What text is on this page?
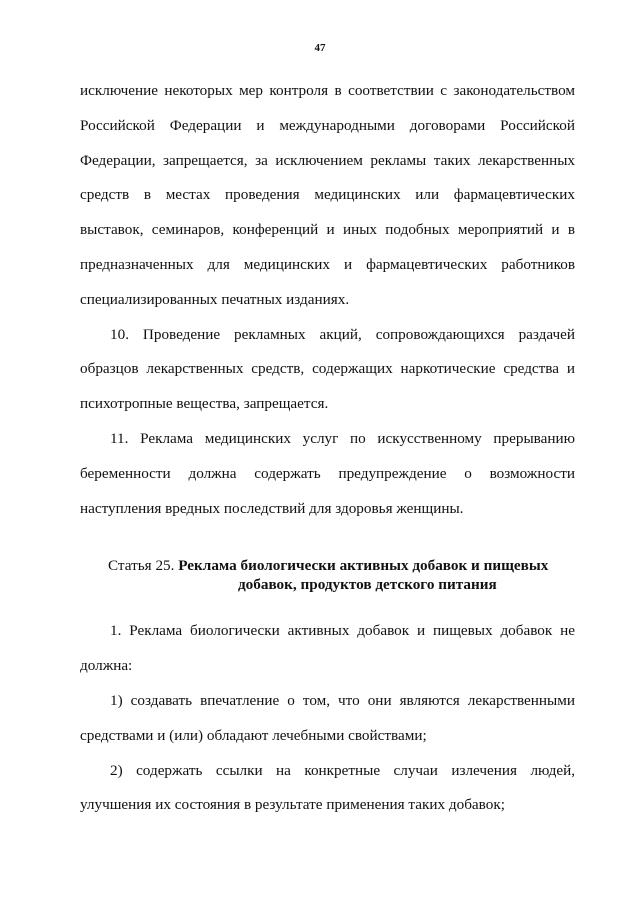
47

исключение некоторых мер контроля в соответствии с законодательством Российской Федерации и международными договорами Российской Федерации, запрещается, за исключением рекламы таких лекарственных средств в местах проведения медицинских или фармацевтических выставок, семинаров, конференций и иных подобных мероприятий и в предназначенных для медицинских и фармацевтических работников специализированных печатных изданиях.

10. Проведение рекламных акций, сопровождающихся раздачей образцов лекарственных средств, содержащих наркотические средства и психотропные вещества, запрещается.

11. Реклама медицинских услуг по искусственному прерыванию беременности должна содержать предупреждение о возможности наступления вредных последствий для здоровья женщины.

Статья 25. Реклама биологически активных добавок и пищевых добавок, продуктов детского питания

1. Реклама биологически активных добавок и пищевых добавок не должна:

1) создавать впечатление о том, что они являются лекарственными средствами и (или) обладают лечебными свойствами;

2) содержать ссылки на конкретные случаи излечения людей, улучшения их состояния в результате применения таких добавок;
